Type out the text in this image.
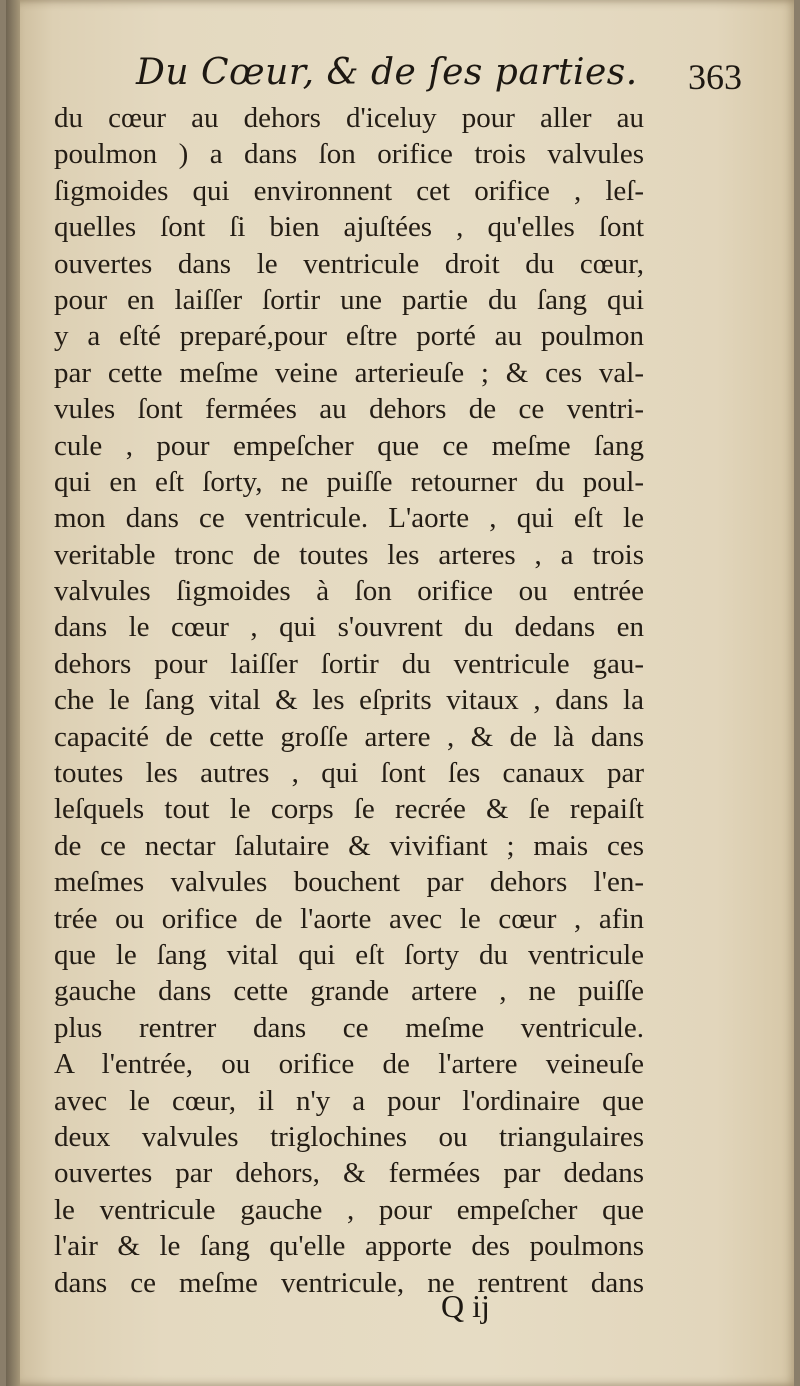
Du Cœur, & de ſes parties.	363
du cœur au dehors d'iceluy pour aller au
poulmon ) a dans ſon orifice trois valvules
ſigmoides qui environnent cet orifice , leſ-
quelles ſont ſi bien ajuſtées , qu'elles ſont
ouvertes dans le ventricule droit du cœur,
pour en laiſſer ſortir une partie du ſang qui
y a eſté preparé,pour eſtre porté au poulmon
par cette meſme veine arterieuſe ; & ces val-
vules ſont fermées au dehors de ce ventri-
cule , pour empeſcher que ce meſme ſang
qui en eſt ſorty, ne puiſſe retourner du poul-
mon dans ce ventricule. L'aorte , qui eſt le
veritable tronc de toutes les arteres , a trois
valvules ſigmoides à ſon orifice ou entrée
dans le cœur , qui s'ouvrent du dedans en
dehors pour laiſſer ſortir du ventricule gau-
che le ſang vital & les eſprits vitaux , dans la
capacité de cette groſſe artere , & de là dans
toutes les autres , qui ſont ſes canaux par
leſquels tout le corps ſe recrée & ſe repaiſt
de ce nectar ſalutaire & vivifiant ; mais ces
meſmes valvules bouchent par dehors l'en-
trée ou orifice de l'aorte avec le cœur , afin
que le ſang vital qui eſt ſorty du ventricule
gauche dans cette grande artere , ne puiſſe
plus rentrer dans ce meſme ventricule.
A l'entrée, ou orifice de l'artere veineuſe
avec le cœur, il n'y a pour l'ordinaire que
deux valvules triglochines ou triangulaires
ouvertes par dehors, & fermées par dedans
le ventricule gauche , pour empeſcher que
l'air & le ſang qu'elle apporte des poulmons
dans ce meſme ventricule, ne rentrent dans
Q ij
